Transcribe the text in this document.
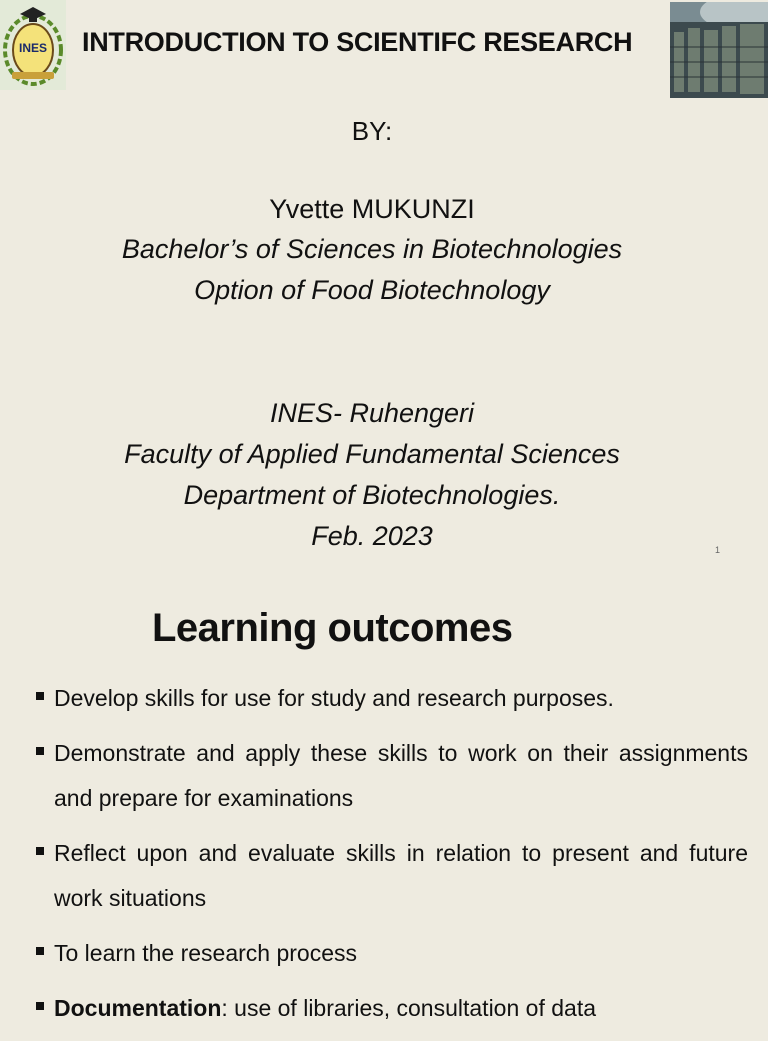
INES INTRODUCTION TO SCIENTIFC RESEARCH
BY:
Yvette MUKUNZI
Bachelor’s of Sciences in Biotechnologies
Option of Food Biotechnology
INES- Ruhengeri
Faculty of Applied Fundamental Sciences
Department of Biotechnologies.
Feb. 2023	1
Learning outcomes
Develop skills for use for study and research purposes.
Demonstrate and apply these skills to work on their assignments and prepare for examinations
Reflect upon and evaluate skills in relation to present and future work situations
To learn the research process
Documentation: use of libraries, consultation of data
